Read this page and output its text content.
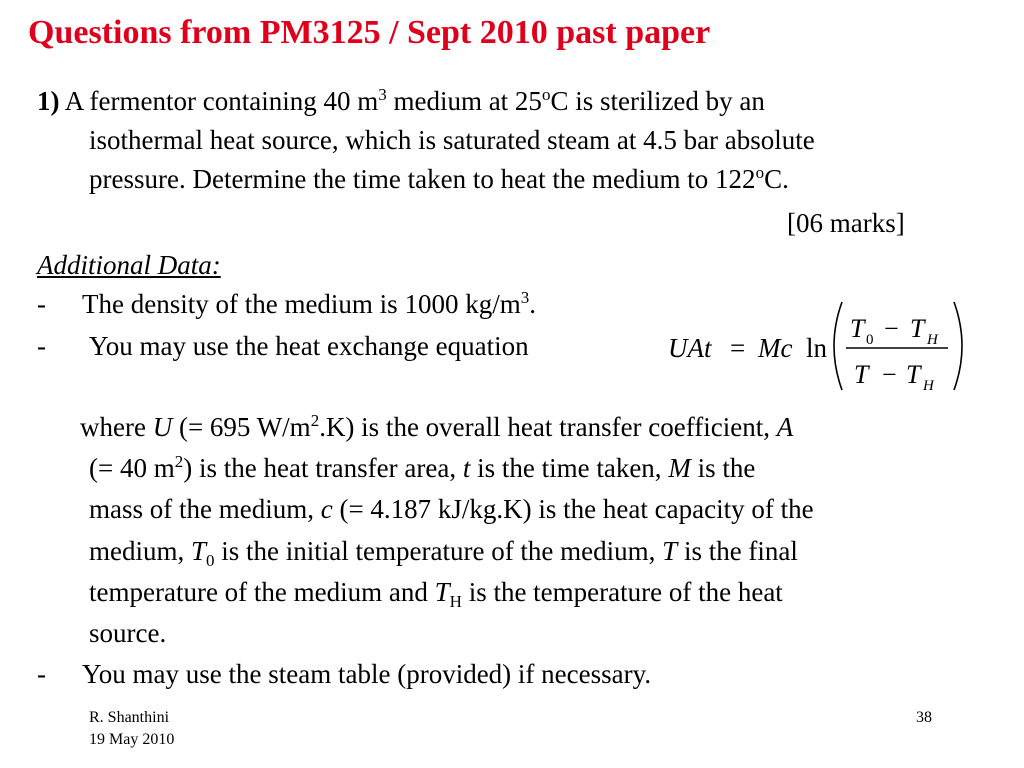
Questions from PM3125 / Sept 2010 past paper
1) A fermentor containing 40 $m^3$ medium at 25$^o$C is sterilized by an
isothermal heat source, which is saturated steam at 4.5 bar absolute
pressure. Determine the time taken to heat the medium to 122$^o$C.
[06 marks]
Additional Data:
- The density of the medium is 1000 $kg/m^3$.
- You may use the heat exchange equation	UAt = Mc ln
T 0 − T H
T − T H
where U (= 695 $W/m^2.K$) is the overall heat transfer coefficient, A
(= 40 $m^2$) is the heat transfer area, t is the time taken, M is the
mass of the medium, c (= 4.187 kJ/kg.K) is the heat capacity of the
medium, $T_0$ is the initial temperature of the medium, T is the final
temperature of the medium and $T_H$ is the temperature of the heat
source.
- You may use the steam table (provided) if necessary.
R. Shanthini
19 May 2010
38
